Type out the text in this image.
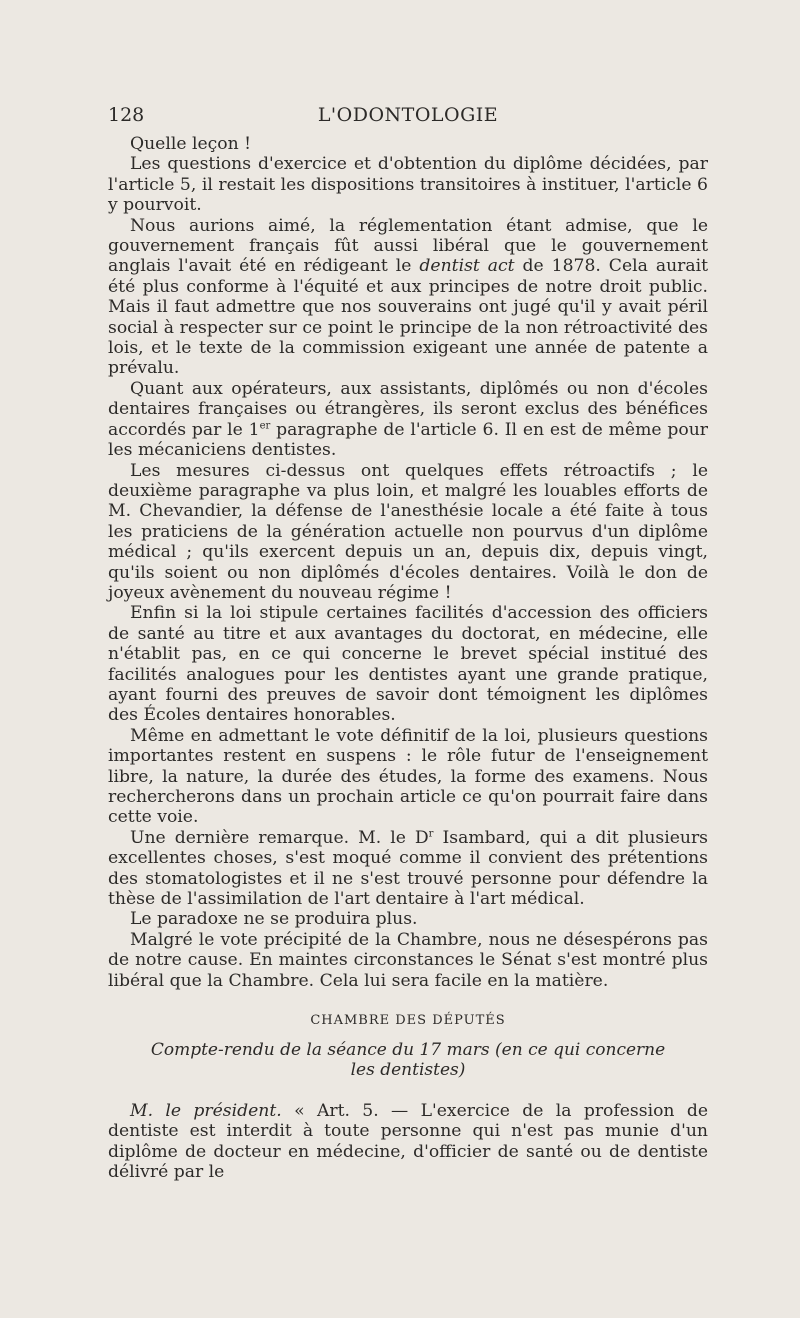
128	L'ODONTOLOGIE

Quelle leçon !

Les questions d'exercice et d'obtention du diplôme décidées, par l'article 5, il restait les dispositions transitoires à instituer, l'article 6 y pourvoit.

Nous aurions aimé, la réglementation étant admise, que le gouvernement français fût aussi libéral que le gouvernement anglais l'avait été en rédigeant le dentist act de 1878. Cela aurait été plus conforme à l'équité et aux principes de notre droit public. Mais il faut admettre que nos souverains ont jugé qu'il y avait péril social à respecter sur ce point le principe de la non rétroactivité des lois, et le texte de la commission exigeant une année de patente a prévalu.

Quant aux opérateurs, aux assistants, diplômés ou non d'écoles dentaires françaises ou étrangères, ils seront exclus des bénéfices accordés par le 1er paragraphe de l'article 6. Il en est de même pour les mécaniciens dentistes.

Les mesures ci-dessus ont quelques effets rétroactifs ; le deuxième paragraphe va plus loin, et malgré les louables efforts de M. Chevandier, la défense de l'anesthésie locale a été faite à tous les praticiens de la génération actuelle non pourvus d'un diplôme médical ; qu'ils exercent depuis un an, depuis dix, depuis vingt, qu'ils soient ou non diplômés d'écoles dentaires. Voilà le don de joyeux avènement du nouveau régime !

Enfin si la loi stipule certaines facilités d'accession des officiers de santé au titre et aux avantages du doctorat, en médecine, elle n'établit pas, en ce qui concerne le brevet spécial institué des facilités analogues pour les dentistes ayant une grande pratique, ayant fourni des preuves de savoir dont témoignent les diplômes des Écoles dentaires honorables.

Même en admettant le vote définitif de la loi, plusieurs questions importantes restent en suspens : le rôle futur de l'enseignement libre, la nature, la durée des études, la forme des examens. Nous rechercherons dans un prochain article ce qu'on pourrait faire dans cette voie.

Une dernière remarque. M. le $D^r$ Isambard, qui a dit plusieurs excellentes choses, s'est moqué comme il convient des prétentions des stomatologistes et il ne s'est trouvé personne pour défendre la thèse de l'assimilation de l'art dentaire à l'art médical.

Le paradoxe ne se produira plus.

Malgré le vote précipité de la Chambre, nous ne désespérons pas de notre cause. En maintes circonstances le Sénat s'est montré plus libéral que la Chambre. Cela lui sera facile en la matière.

CHAMBRE DES DÉPUTÉS
Compte-rendu de la séance du 17 mars (en ce qui concerne les dentistes)

M. le président. « Art. 5. — L'exercice de la profession de dentiste est interdit à toute personne qui n'est pas munie d'un diplôme de docteur en médecine, d'officier de santé ou de dentiste délivré par le
